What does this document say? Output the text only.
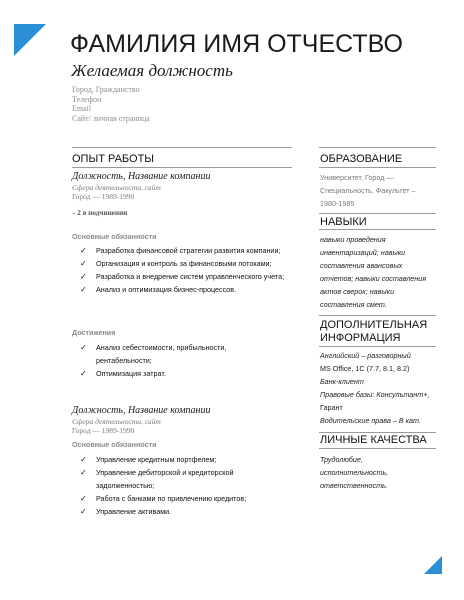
ФАМИЛИЯ ИМЯ ОТЧЕСТВО
Желаемая должность
Город, Гражданство
Телефон
Email
Сайт/ личная страница
ОПЫТ РАБОТЫ
Должность, Название компании
Сфера деятельности, сайт
Город — 1989-1990
- 2 в подчинении
Основные обязанности
✓ Разработка финансовой стратегии развития компании;
✓ Организация и контроль за финансовыми потоками;
✓ Разработка и внедрение систем управленческого учета;
✓ Анализ и оптимизация бизнес-процессов.
Достижения
✓ Анализ себестоимости, прибыльности, рентабельности;
✓ Оптимизация затрат.
Должность, Название компании
Сфера деятельности, сайт
Город — 1989-1990
Основные обязанности
✓ Управление кредитным портфелем;
✓ Управление дебиторской и кредиторской задолженностью;
✓ Работа с банками по привлечению кредитов;
✓ Управление активами.
ОБРАЗОВАНИЕ
Университет, Город —
Специальность, Факультет –
1980-1985
НАВЫКИ
навыки проведения
инвентаризаций; навыки
составления авансовых
отчетов; навыки составления
актов сверок; навыки
составления смет.
ДОПОЛНИТЕЛЬНАЯ
ИНФОРМАЦИЯ
Английский – разговорный
MS Office, 1С (7.7, 8.1, 8.2)
Банк-клиент
Правовые базы: Консультант+,
Гарант
Водительские права – В кат.
ЛИЧНЫЕ КАЧЕСТВА
Трудолюбие,
исполнительность,
ответственность.
